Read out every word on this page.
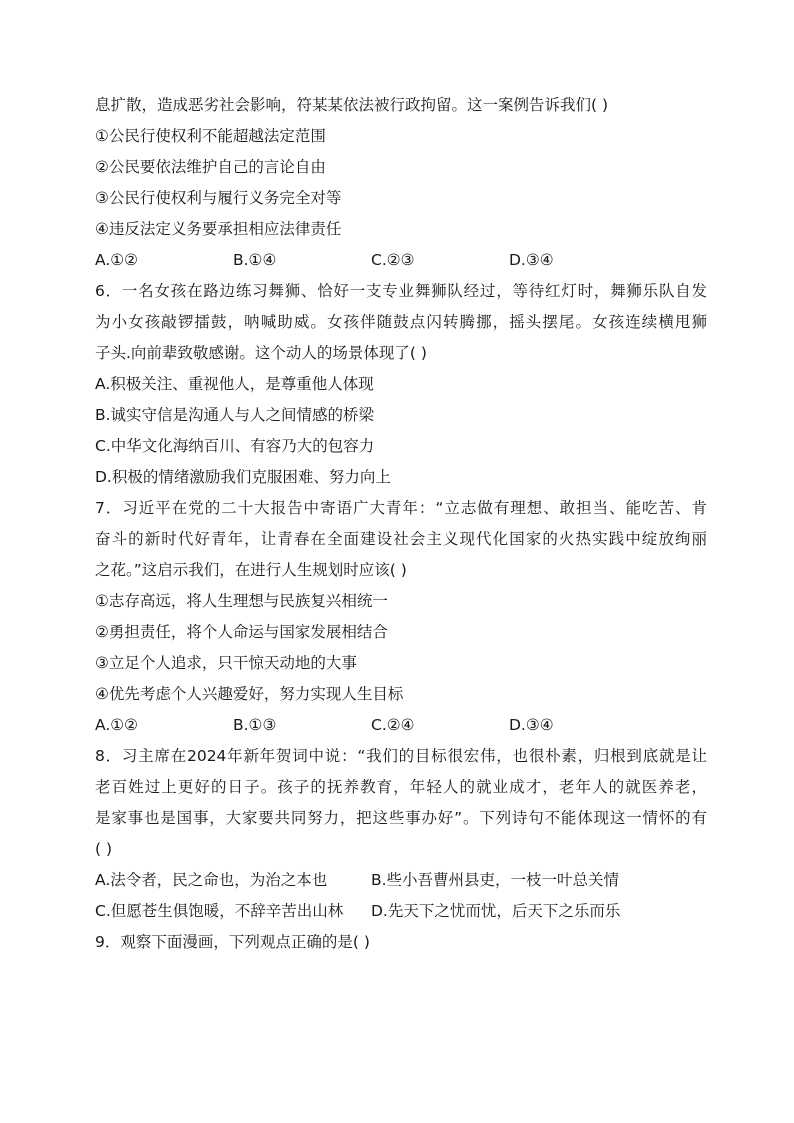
息扩散，造成恶劣社会影响，符某某依法被行政拘留。这一案例告诉我们( )
①公民行使权利不能超越法定范围
②公民要依法维护自己的言论自由
③公民行使权利与履行义务完全对等
④违反法定义务要承担相应法律责任
A.①②	B.①④	C.②③	D.③④
6．一名女孩在路边练习舞狮、恰好一支专业舞狮队经过，等待红灯时，舞狮乐队自发
为小女孩敲锣擂鼓，呐喊助威。女孩伴随鼓点闪转腾挪，摇头摆尾。女孩连续横甩狮
子头.向前辈致敬感谢。这个动人的场景体现了( )
A.积极关注、重视他人，是尊重他人体现
B.诚实守信是沟通人与人之间情感的桥梁
C.中华文化海纳百川、有容乃大的包容力
D.积极的情绪激励我们克服困难、努力向上
7．习近平在党的二十大报告中寄语广大青年：“立志做有理想、敢担当、能吃苦、肯
奋斗的新时代好青年，让青春在全面建设社会主义现代化国家的火热实践中绽放绚丽
之花。”这启示我们，在进行人生规划时应该( )
①志存高远，将人生理想与民族复兴相统一
②勇担责任，将个人命运与国家发展相结合
③立足个人追求，只干惊天动地的大事
④优先考虑个人兴趣爱好，努力实现人生目标
A.①②	B.①③	C.②④	D.③④
8．习主席在2024年新年贺词中说：“我们的目标很宏伟，也很朴素，归根到底就是让
老百姓过上更好的日子。孩子的抚养教育，年轻人的就业成才，老年人的就医养老，
是家事也是国事，大家要共同努力，把这些事办好”。下列诗句不能体现这一情怀的有
( )
A.法令者，民之命也，为治之本也	B.些小吾曹州县吏，一枝一叶总关情
C.但愿苍生俱饱暖，不辞辛苦出山林	D.先天下之忧而忧，后天下之乐而乐
9．观察下面漫画，下列观点正确的是( )
